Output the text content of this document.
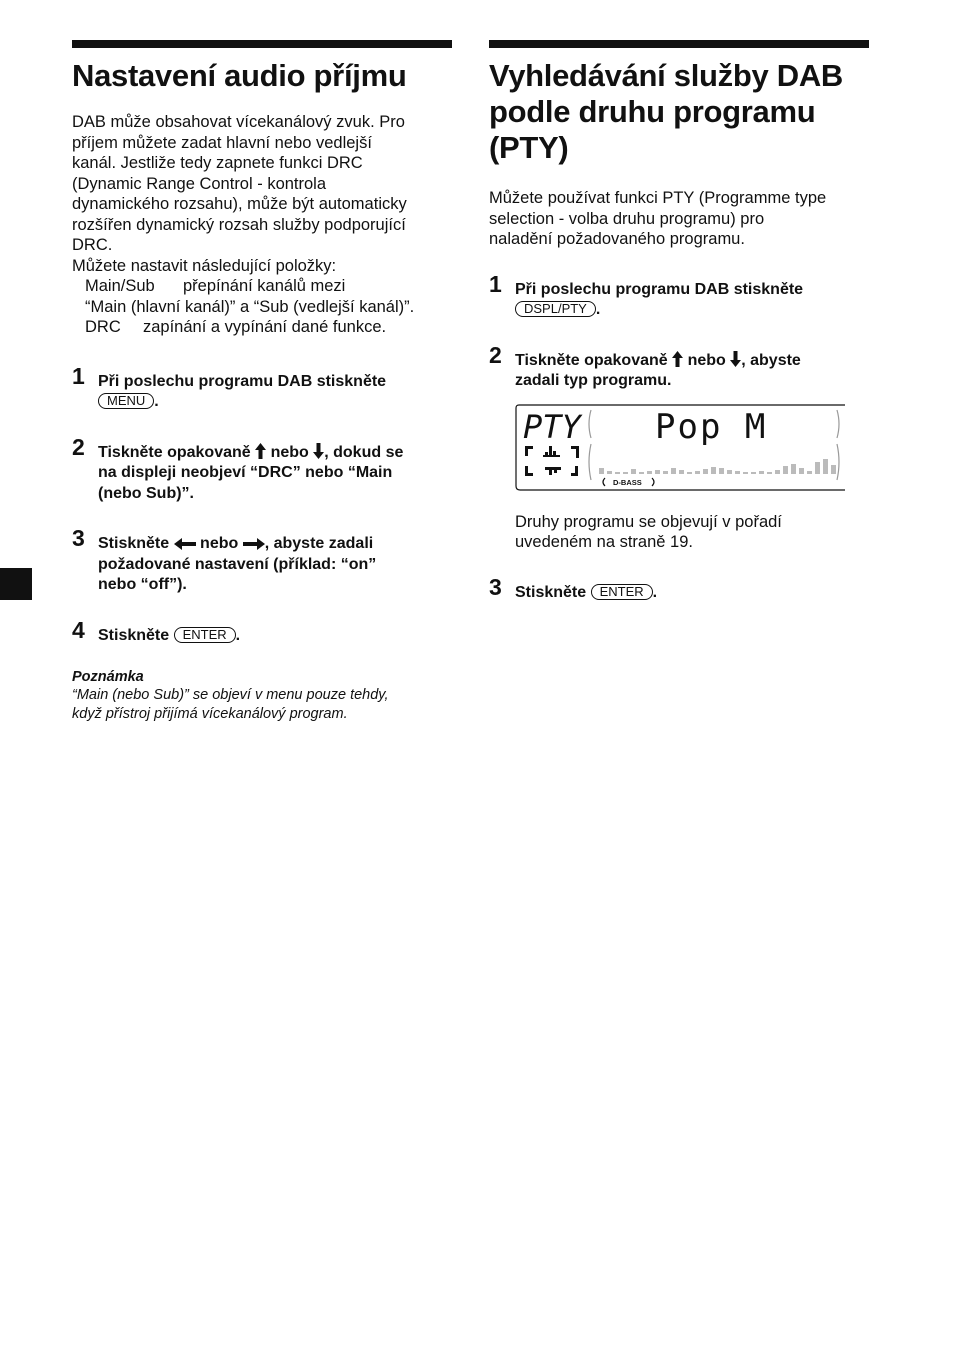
Nastavení audio příjmu
DAB může obsahovat vícekanálový zvuk. Pro
příjem můžete zadat hlavní nebo vedlejší
kanál. Jestliže tedy zapnete funkci DRC
(Dynamic Range Control - kontrola
dynamického rozsahu), může být automaticky
rozšířen dynamický rozsah služby podporující
DRC.
Můžete nastavit následující položky:
Main/Sub	přepínání kanálů mezi
“Main (hlavní kanál)” a “Sub (vedlejší kanál)”.
DRC	zapínání a vypínání dané funkce.
1 Při poslechu programu DAB stiskněte
MENU .
2 Tiskněte opakovaně nebo , dokud se
na displeji neobjeví “DRC” nebo “Main
(nebo Sub)”.
3 Stiskněte nebo , abyste zadali
požadované nastavení (příklad: “on”
nebo “off”).
4 Stiskněte ENTER .
Poznámka
“Main (nebo Sub)” se objeví v menu pouze tehdy,
když přístroj přijímá vícekanálový program.
Vyhledávání služby DAB
podle druhu programu
(PTY)
Můžete používat funkci PTY (Programme type
selection - volba druhu programu) pro
naladění požadovaného programu.
1 Při poslechu programu DAB stiskněte
DSPL/PTY .
2 Tiskněte opakovaně nebo , abyste
zadali typ programu.
PTY Pop M
D-BASS
Druhy programu se objevují v pořadí
uvedeném na straně 19.
3 Stiskněte ENTER .
